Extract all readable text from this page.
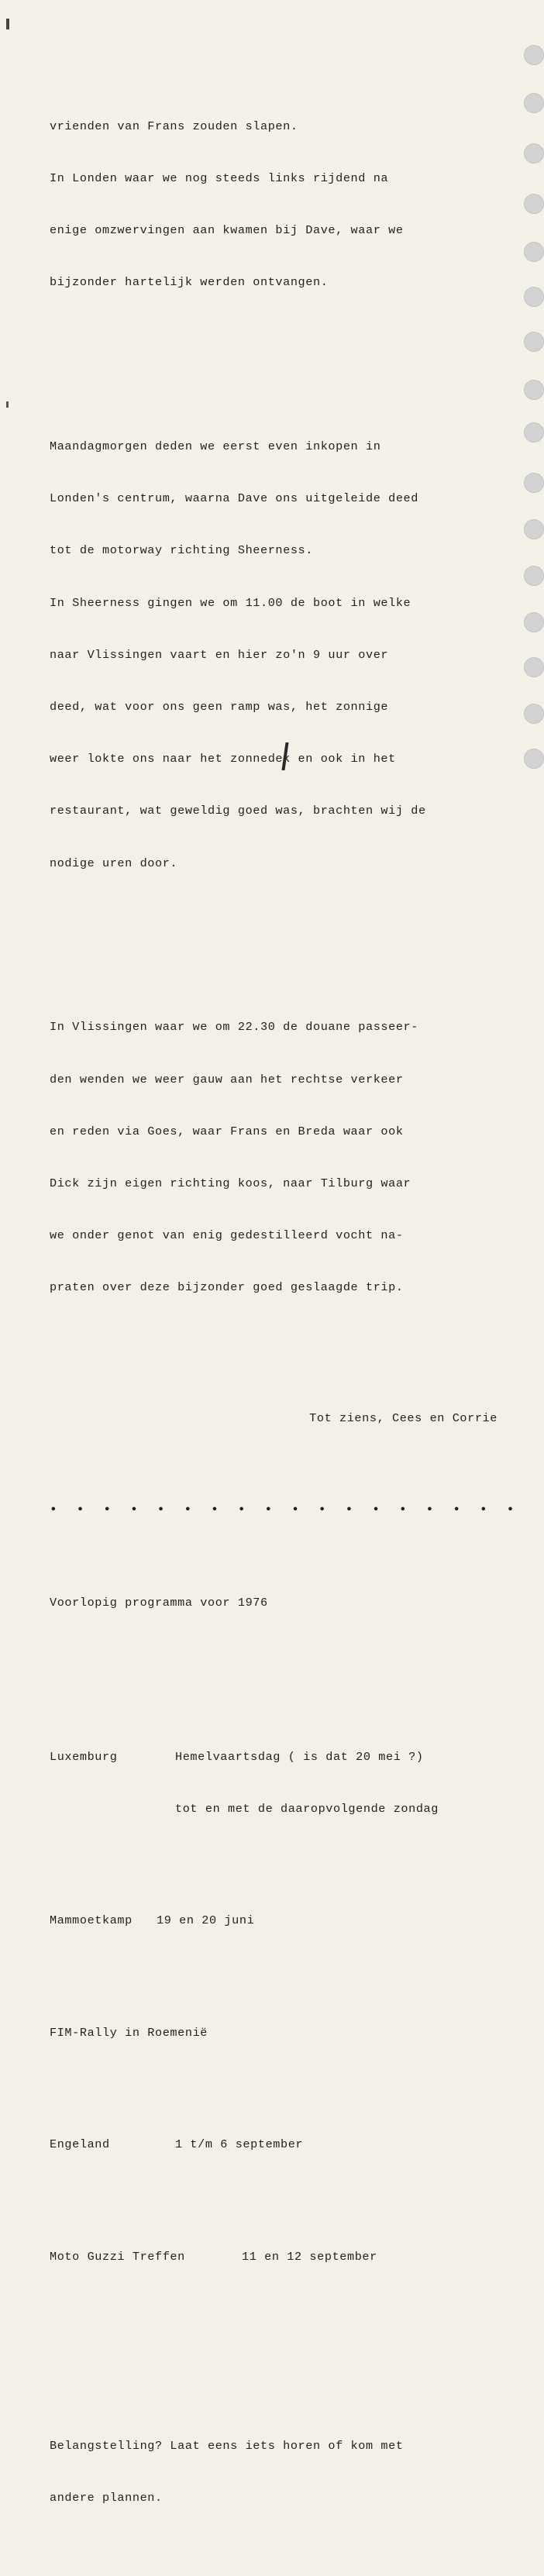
vrienden van Frans zouden slapen.

In Londen waar we nog steeds links rijdend na

enige omzwervingen aan kwamen bij Dave, waar we

bijzonder hartelijk werden ontvangen.

Maandagmorgen deden we eerst even inkopen in

Londen's centrum, waarna Dave ons uitgeleide deed

tot de motorway richting Sheerness.

In Sheerness gingen we om 11.00 de boot in welke

naar Vlissingen vaart en hier zo'n 9 uur over

deed, wat voor ons geen ramp was, het zonnige

weer lokte ons naar het zonnedek en ook in het

restaurant, wat geweldig goed was, brachten wij de

nodige uren door.

In Vlissingen waar we om 22.30 de douane passeer-

den wenden we weer gauw aan het rechtse verkeer

en reden via Goes, waar Frans en Breda waar ook

Dick zijn eigen richting koos, naar Tilburg waar

we onder genot van enig gedestilleerd vocht na-

praten over deze bijzonder goed geslaagde trip.

Tot ziens, Cees en Corrie

• • • • • • • • • • • • • • • • • •

Voorlopig programma voor 1976

Luxemburg	Hemelvaartsdag ( is dat 20 mei ?)

tot en met de daaropvolgende zondag

Mammoetkamp	19 en 20 juni

FIM-Rally in Roemenië

Engeland	1 t/m 6 september

Moto Guzzi Treffen	11 en 12 september

Belangstelling? Laat eens iets horen of kom met

andere plannen.
